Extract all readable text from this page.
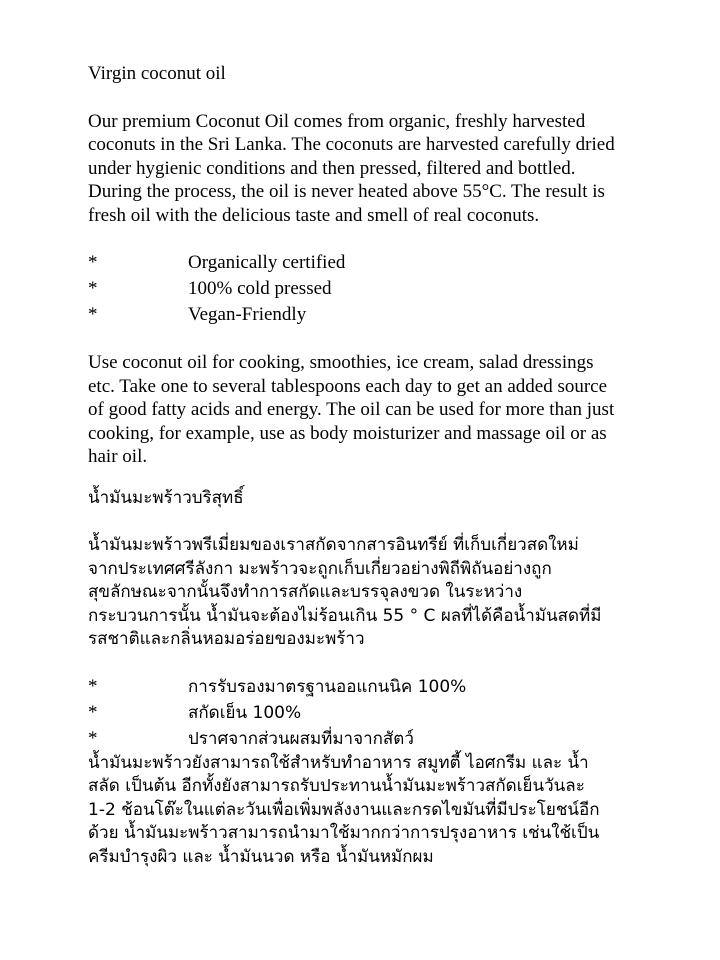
Virgin coconut oil

Our premium Coconut Oil comes from organic, freshly harvested
coconuts in the Sri Lanka. The coconuts are harvested carefully dried
under hygienic conditions and then pressed, filtered and bottled.
During the process, the oil is never heated above 55°C. The result is
fresh oil with the delicious taste and smell of real coconuts.

*	Organically certified
*	100% cold pressed
*	Vegan-Friendly

Use coconut oil for cooking, smoothies, ice cream, salad dressings
etc. Take one to several tablespoons each day to get an added source
of good fatty acids and energy. The oil can be used for more than just
cooking, for example, use as body moisturizer and massage oil or as
hair oil.

น้ำมันมะพร้าวบริสุทธิ์

น้ำมันมะพร้าวพรีเมี่ยมของเราสกัดจากสารอินทรีย์ ที่เก็บเกี่ยวสดใหม่
จากประเทศศรีลังกา มะพร้าวจะถูกเก็บเกี่ยวอย่างพิถีพิถันอย่างถูก
สุขลักษณะจากนั้นจึงทำการสกัดและบรรจุลงขวด ในระหว่าง
กระบวนการนั้น น้ำมันจะต้องไม่ร้อนเกิน 55 ° C ผลที่ได้คือน้ำมันสดที่มี
รสชาติและกลิ่นหอมอร่อยของมะพร้าว

*	การรับรองมาตรฐานออแกนนิค 100%
*	สกัดเย็น 100%
*	ปราศจากส่วนผสมที่มาจากสัตว์

น้ำมันมะพร้าวยังสามารถใช้สำหรับทำอาหาร สมูทตี้ ไอศกรีม และ น้ำ
สลัด เป็นต้น อีกทั้งยังสามารถรับประทานน้ำมันมะพร้าวสกัดเย็นวันละ
1-2 ช้อนโต๊ะในแต่ละวันเพื่อเพิ่มพลังงานและกรดไขมันที่มีประโยชน์อีก
ด้วย น้ำมันมะพร้าวสามารถนำมาใช้มากกว่าการปรุงอาหาร เช่นใช้เป็น
ครีมบำรุงผิว และ น้ำมันนวด หรือ น้ำมันหมักผม
